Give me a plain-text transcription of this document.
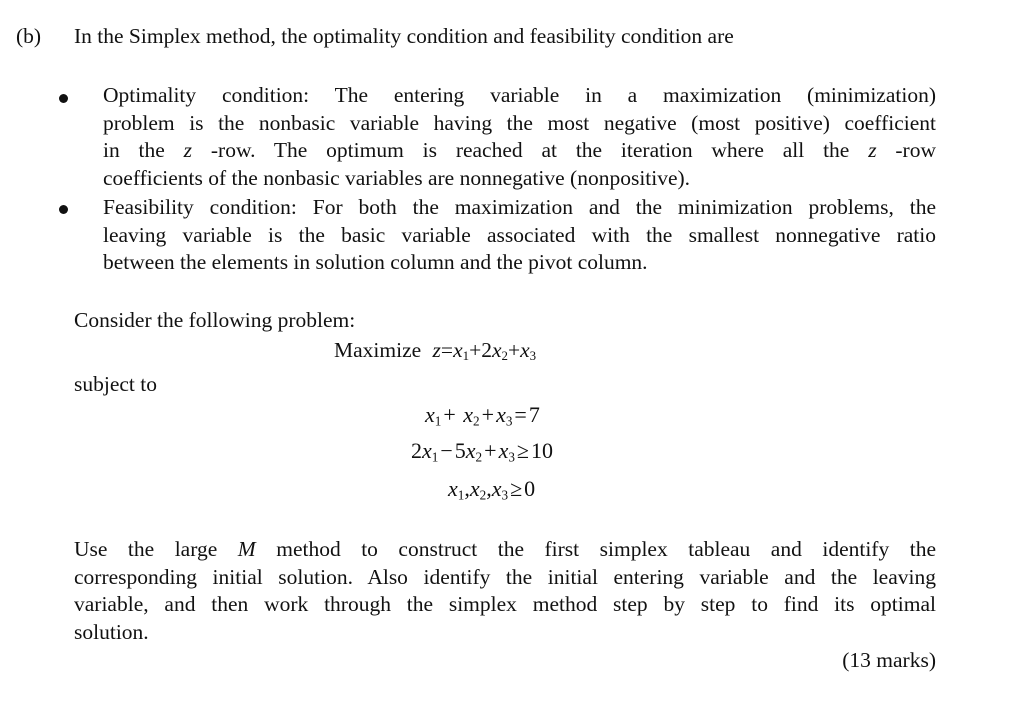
(b) In the Simplex method, the optimality condition and feasibility condition are
Optimality condition: The entering variable in a maximization (minimization)
problem is the nonbasic variable having the most negative (most positive) coefficient
in the z -row. The optimum is reached at the iteration where all the z -row
coefficients of the nonbasic variables are nonnegative (nonpositive).
Feasibility condition: For both the maximization and the minimization problems, the
leaving variable is the basic variable associated with the smallest nonnegative ratio
between the elements in solution column and the pivot column.
Consider the following problem:
Maximize $z=x_1+2x_2+x_3$
subject to
$x_1+ x_2+x_3=7$
$2x_1-5x_2+x_3\ge 10$
$x_1,x_2,x_3\ge 0$
Use the large M method to construct the first simplex tableau and identify the
corresponding initial solution. Also identify the initial entering variable and the leaving
variable, and then work through the simplex method step by step to find its optimal
solution.
(13 marks)
